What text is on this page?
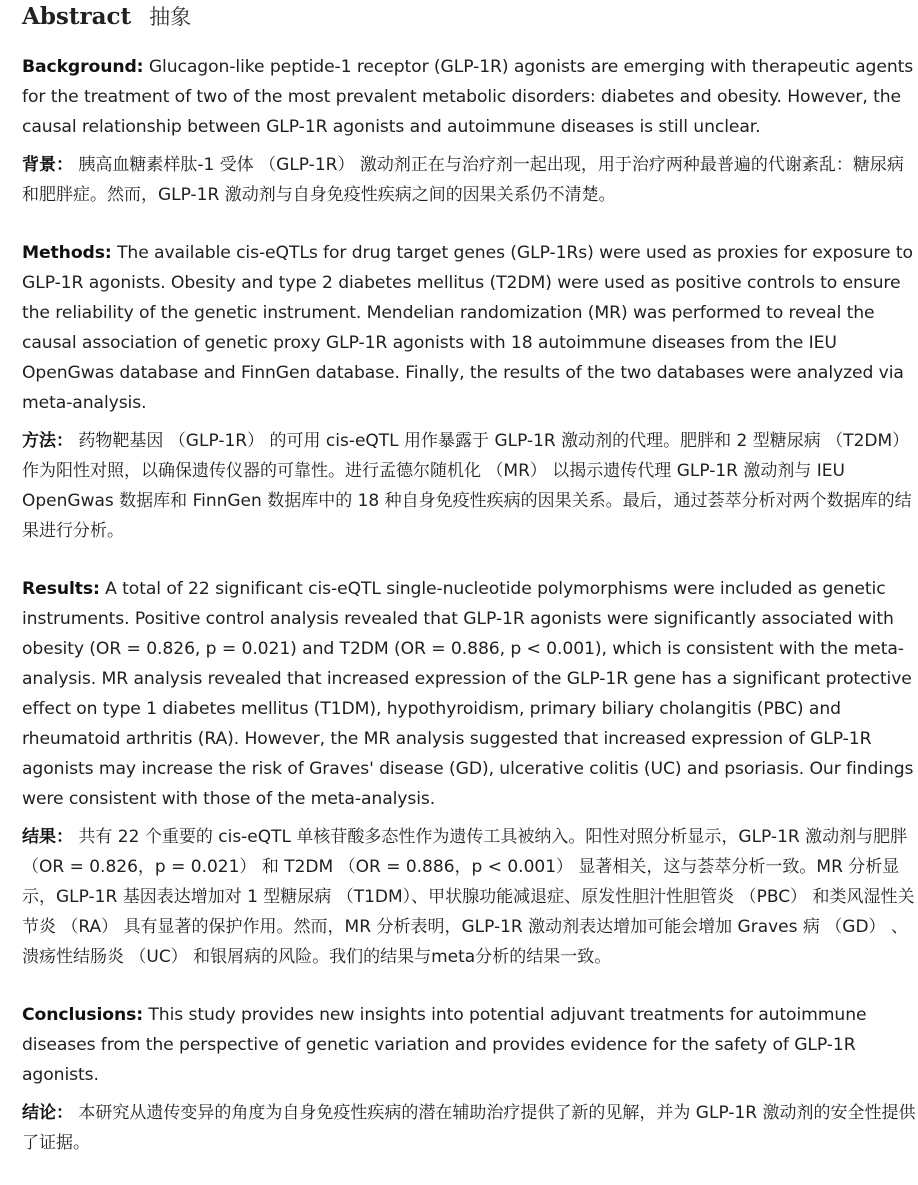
Abstract 抽象

Background: Glucagon-like peptide-1 receptor (GLP-1R) agonists are emerging with therapeutic agents for the treatment of two of the most prevalent metabolic disorders: diabetes and obesity. However, the causal relationship between GLP-1R agonists and autoimmune diseases is still unclear.

背景： 胰高血糖素样肽-1 受体 （GLP-1R） 激动剂正在与治疗剂一起出现，用于治疗两种最普遍的代谢紊乱：糖尿病和肥胖症。然而，GLP-1R 激动剂与自身免疫性疾病之间的因果关系仍不清楚。

Methods: The available cis-eQTLs for drug target genes (GLP-1Rs) were used as proxies for exposure to GLP-1R agonists. Obesity and type 2 diabetes mellitus (T2DM) were used as positive controls to ensure the reliability of the genetic instrument. Mendelian randomization (MR) was performed to reveal the causal association of genetic proxy GLP-1R agonists with 18 autoimmune diseases from the IEU OpenGwas database and FinnGen database. Finally, the results of the two databases were analyzed via meta-analysis.

方法： 药物靶基因 （GLP-1R） 的可用 cis-eQTL 用作暴露于 GLP-1R 激动剂的代理。肥胖和 2 型糖尿病 （T2DM） 作为阳性对照，以确保遗传仪器的可靠性。进行孟德尔随机化 （MR） 以揭示遗传代理 GLP-1R 激动剂与 IEU OpenGwas 数据库和 FinnGen 数据库中的 18 种自身免疫性疾病的因果关系。最后，通过荟萃分析对两个数据库的结果进行分析。

Results: A total of 22 significant cis-eQTL single-nucleotide polymorphisms were included as genetic instruments. Positive control analysis revealed that GLP-1R agonists were significantly associated with obesity (OR = 0.826, p = 0.021) and T2DM (OR = 0.886, p < 0.001), which is consistent with the meta-analysis. MR analysis revealed that increased expression of the GLP-1R gene has a significant protective effect on type 1 diabetes mellitus (T1DM), hypothyroidism, primary biliary cholangitis (PBC) and rheumatoid arthritis (RA). However, the MR analysis suggested that increased expression of GLP-1R agonists may increase the risk of Graves' disease (GD), ulcerative colitis (UC) and psoriasis. Our findings were consistent with those of the meta-analysis.

结果： 共有 22 个重要的 cis-eQTL 单核苷酸多态性作为遗传工具被纳入。阳性对照分析显示，GLP-1R 激动剂与肥胖 （OR = 0.826，p = 0.021） 和 T2DM （OR = 0.886，p < 0.001） 显著相关，这与荟萃分析一致。MR 分析显示，GLP-1R 基因表达增加对 1 型糖尿病 （T1DM）、甲状腺功能减退症、原发性胆汁性胆管炎 （PBC） 和类风湿性关节炎 （RA） 具有显著的保护作用。然而，MR 分析表明，GLP-1R 激动剂表达增加可能会增加 Graves 病 （GD） 、溃疡性结肠炎 （UC） 和银屑病的风险。我们的结果与meta分析的结果一致。

Conclusions: This study provides new insights into potential adjuvant treatments for autoimmune diseases from the perspective of genetic variation and provides evidence for the safety of GLP-1R agonists.

结论： 本研究从遗传变异的角度为自身免疫性疾病的潜在辅助治疗提供了新的见解，并为 GLP-1R 激动剂的安全性提供了证据。
